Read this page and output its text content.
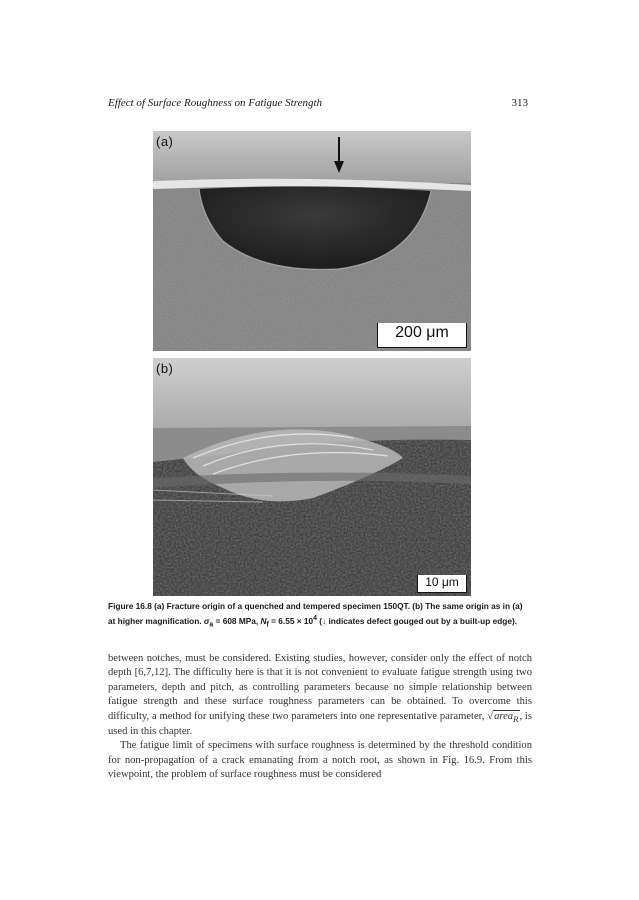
Effect of Surface Roughness on Fatigue Strength	313
(a)
200 μm
(b)
10 μm
Figure 16.8 (a) Fracture origin of a quenched and tempered specimen 150QT. (b) The same origin as in (a) at higher magnification. $\sigma_a = 608$ MPa, $N_f = 6.55 \times 10^4$ (↓ indicates defect gouged out by a built-up edge).

between notches, must be considered. Existing studies, however, consider only the effect of notch depth [6,7,12]. The difficulty here is that it is not convenient to evaluate fatigue strength using two parameters, depth and pitch, as controlling parameters because no simple relationship between fatigue strength and these surface roughness parameters can be obtained. To overcome this difficulty, a method for unifying these two parameters into one representative parameter, √area$_R$, is used in this chapter.

The fatigue limit of specimens with surface roughness is determined by the threshold condition for non-propagation of a crack emanating from a notch root, as shown in Fig. 16.9. From this viewpoint, the problem of surface roughness must be considered
